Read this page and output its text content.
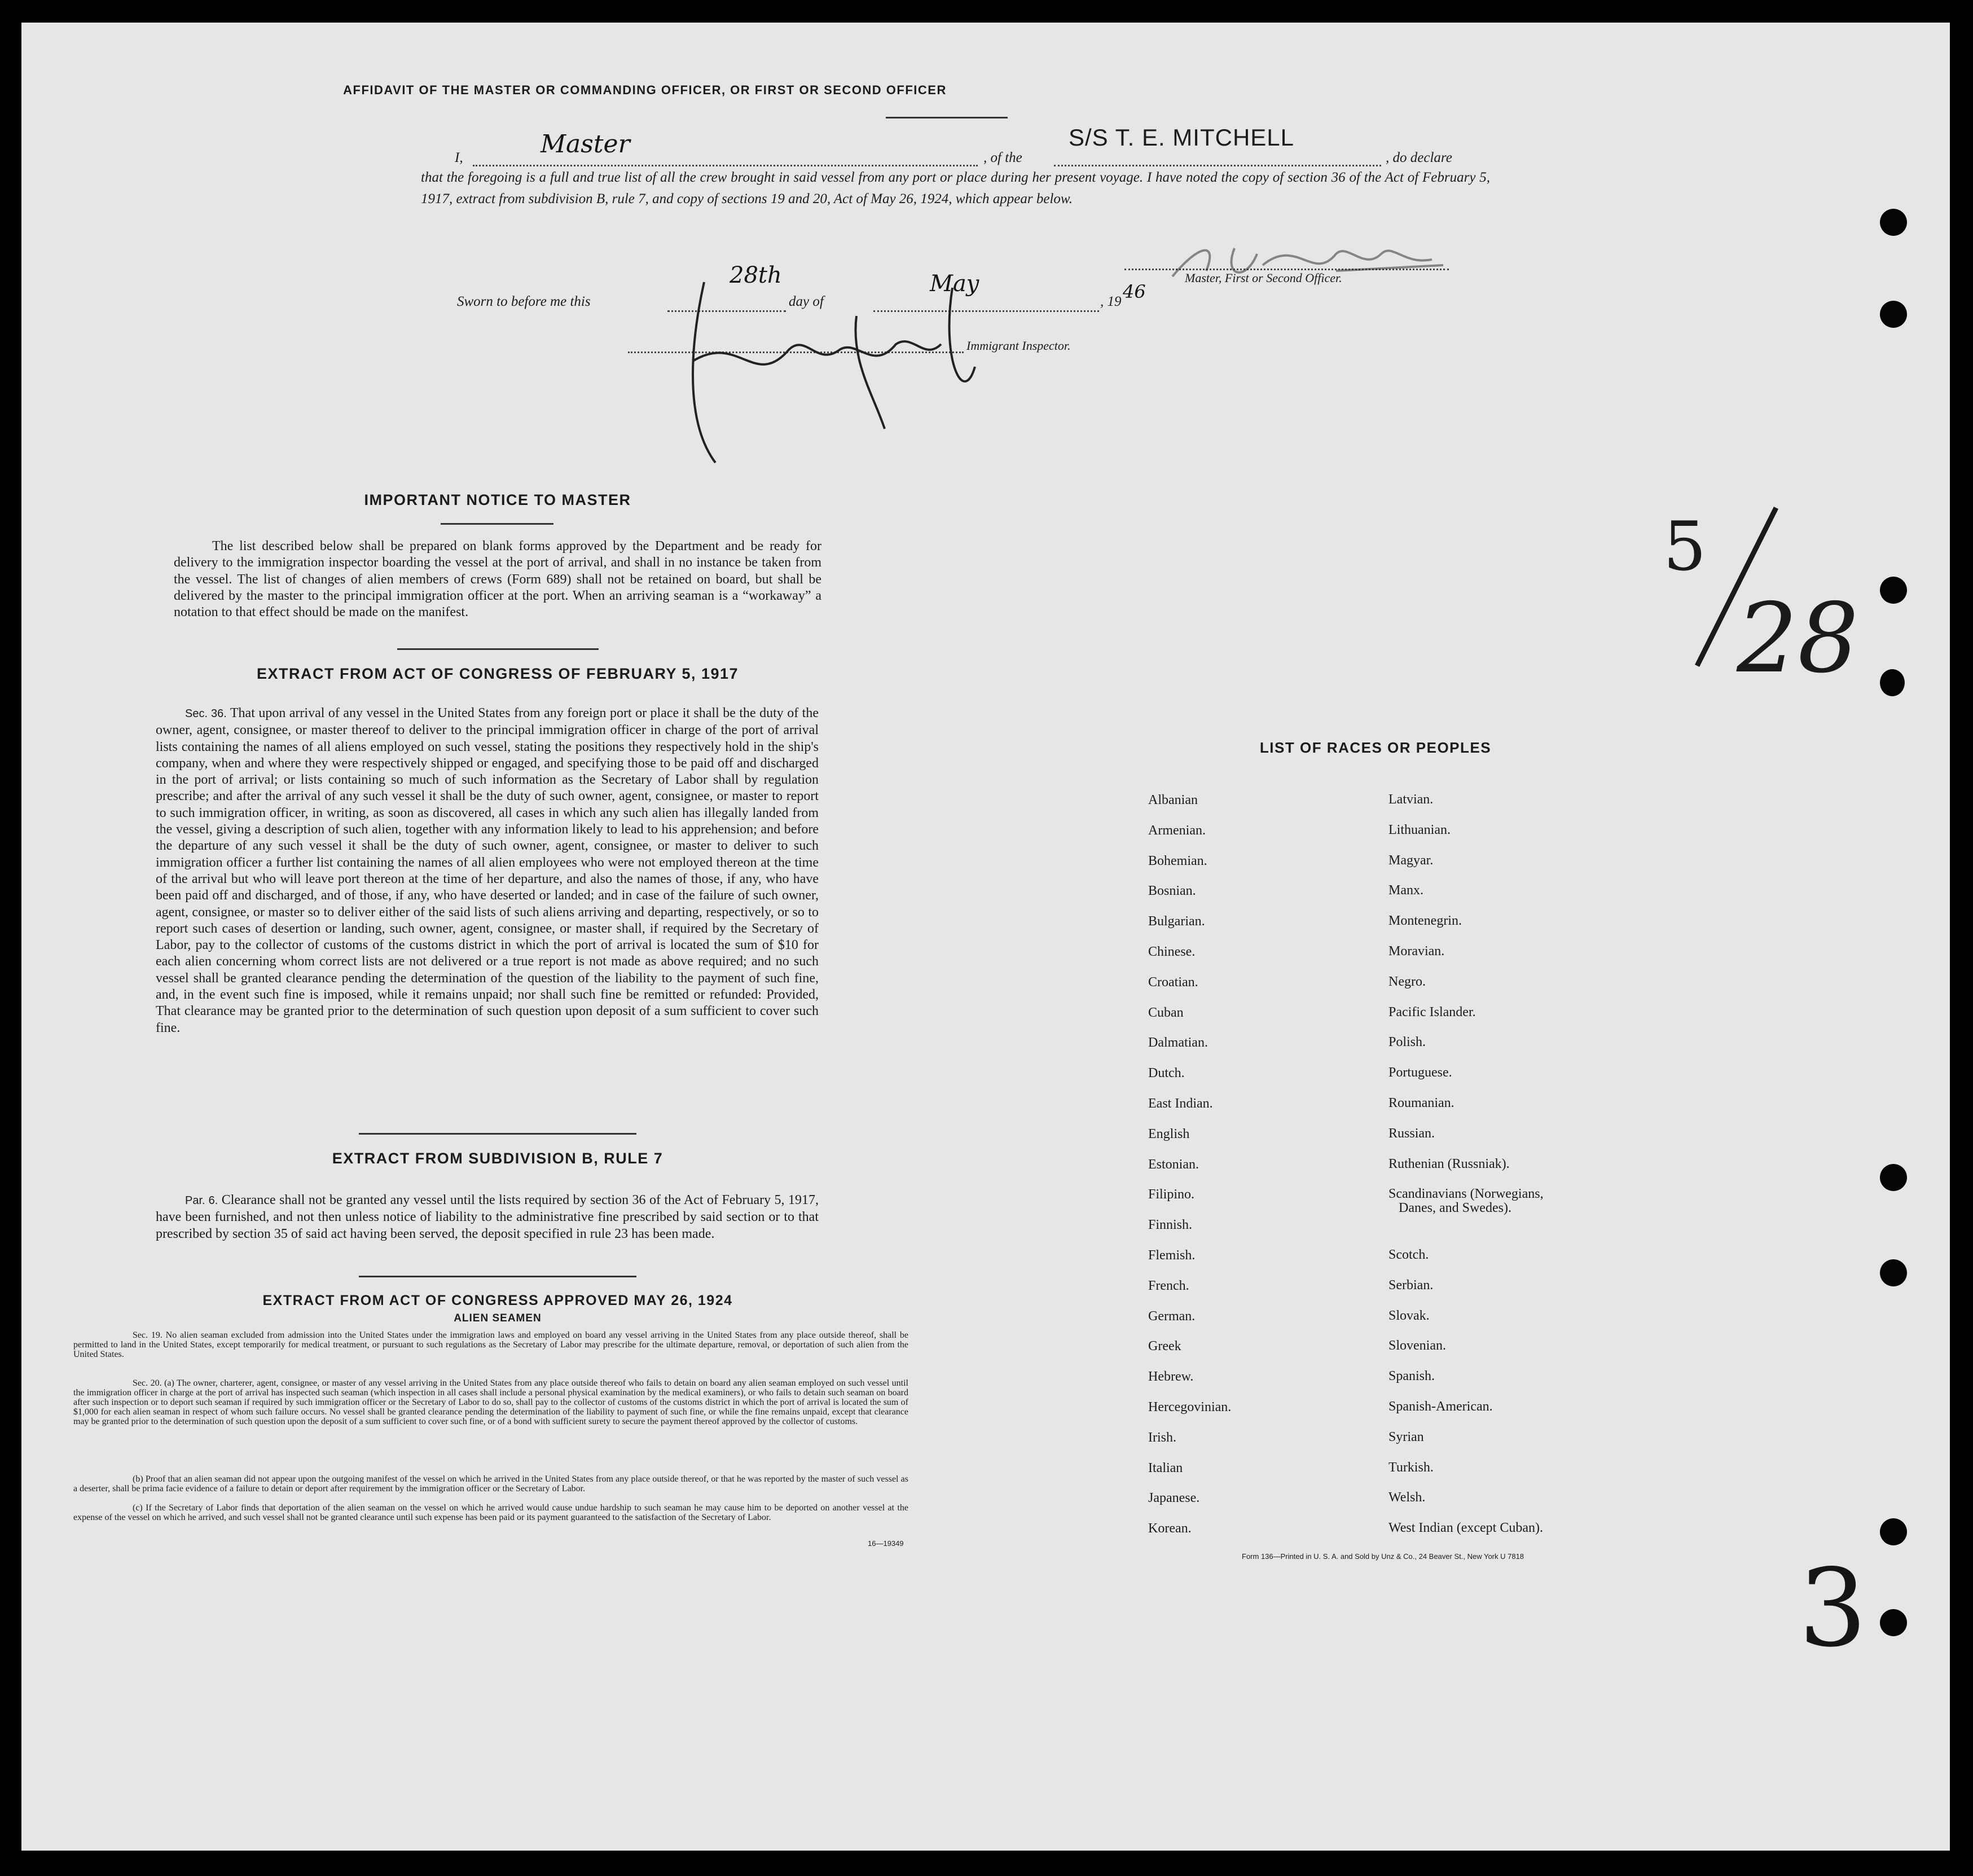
AFFIDAVIT OF THE MASTER OR COMMANDING OFFICER, OR FIRST OR SECOND OFFICER
I,	Master	, of the
S/S T. E. MITCHELL
, do declare
that the foregoing is a full and true list of all the crew brought in said vessel from any port or place during her present voyage. I have noted the copy of section 36 of the Act of February 5, 1917, extract from subdivision B, rule 7, and copy of sections 19 and 20, Act of May 26, 1924, which appear below.
Sworn to before me this
28th
day of
May
, 19 46
Master, First or Second Officer.
Immigrant Inspector.
IMPORTANT NOTICE TO MASTER
The list described below shall be prepared on blank forms approved by the Department and be ready for delivery to the immigration inspector boarding the vessel at the port of arrival, and shall in no instance be taken from the vessel. The list of changes of alien members of crews (Form 689) shall not be retained on board, but shall be delivered by the master to the principal immigration officer at the port. When an arriving seaman is a “workaway” a notation to that effect should be made on the manifest.
EXTRACT FROM ACT OF CONGRESS OF FEBRUARY 5, 1917
Sec. 36. That upon arrival of any vessel in the United States from any foreign port or place it shall be the duty of the owner, agent, consignee, or master thereof to deliver to the principal immigration officer in charge of the port of arrival lists containing the names of all aliens employed on such vessel, stating the positions they respectively hold in the ship's company, when and where they were respectively shipped or engaged, and specifying those to be paid off and discharged in the port of arrival; or lists containing so much of such information as the Secretary of Labor shall by regulation prescribe; and after the arrival of any such vessel it shall be the duty of such owner, agent, consignee, or master to report to such immigration officer, in writing, as soon as discovered, all cases in which any such alien has illegally landed from the vessel, giving a description of such alien, together with any information likely to lead to his apprehension; and before the departure of any such vessel it shall be the duty of such owner, agent, consignee, or master to deliver to such immigration officer a further list containing the names of all alien employees who were not employed thereon at the time of the arrival but who will leave port thereon at the time of her departure, and also the names of those, if any, who have been paid off and discharged, and of those, if any, who have deserted or landed; and in case of the failure of such owner, agent, consignee, or master so to deliver either of the said lists of such aliens arriving and departing, respectively, or so to report such cases of desertion or landing, such owner, agent, consignee, or master shall, if required by the Secretary of Labor, pay to the collector of customs of the customs district in which the port of arrival is located the sum of $10 for each alien concerning whom correct lists are not delivered or a true report is not made as above required; and no such vessel shall be granted clearance pending the determination of the question of the liability to the payment of such fine, and, in the event such fine is imposed, while it remains unpaid; nor shall such fine be remitted or refunded: Provided, That clearance may be granted prior to the determination of such question upon deposit of a sum sufficient to cover such fine.
EXTRACT FROM SUBDIVISION B, RULE 7
Par. 6. Clearance shall not be granted any vessel until the lists required by section 36 of the Act of February 5, 1917, have been furnished, and not then unless notice of liability to the administrative fine prescribed by said section or to that prescribed by section 35 of said act having been served, the deposit specified in rule 23 has been made.
EXTRACT FROM ACT OF CONGRESS APPROVED MAY 26, 1924
ALIEN SEAMEN
Sec. 19. No alien seaman excluded from admission into the United States under the immigration laws and employed on board any vessel arriving in the United States from any place outside thereof, shall be permitted to land in the United States, except temporarily for medical treatment, or pursuant to such regulations as the Secretary of Labor may prescribe for the ultimate departure, removal, or deportation of such alien from the United States.
Sec. 20. (a) The owner, charterer, agent, consignee, or master of any vessel arriving in the United States from any place outside thereof who fails to detain on board any alien seaman employed on such vessel until the immigration officer in charge at the port of arrival has inspected such seaman (which inspection in all cases shall include a personal physical examination by the medical examiners), or who fails to detain such seaman on board after such inspection or to deport such seaman if required by such immigration officer or the Secretary of Labor to do so, shall pay to the collector of customs of the customs district in which the port of arrival is located the sum of $1,000 for each alien seaman in respect of whom such failure occurs. No vessel shall be granted clearance pending the determination of the liability to payment of such fine, or while the fine remains unpaid, except that clearance may be granted prior to the determination of such question upon the deposit of a sum sufficient to cover such fine, or of a bond with sufficient surety to secure the payment thereof approved by the collector of customs.
(b) Proof that an alien seaman did not appear upon the outgoing manifest of the vessel on which he arrived in the United States from any place outside thereof, or that he was reported by the master of such vessel as a deserter, shall be prima facie evidence of a failure to detain or deport after requirement by the immigration officer or the Secretary of Labor.
(c) If the Secretary of Labor finds that deportation of the alien seaman on the vessel on which he arrived would cause undue hardship to such seaman he may cause him to be deported on another vessel at the expense of the vessel on which he arrived, and such vessel shall not be granted clearance until such expense has been paid or its payment guaranteed to the satisfaction of the Secretary of Labor.
16—19349
LIST OF RACES OR PEOPLES
Form 136—Printed in U. S. A. and Sold by Unz & Co., 24 Beaver St., New York U 7818
5
28
3
Albanian
Armenian.
Bohemian.
Bosnian.
Bulgarian.
Chinese.
Croatian.
Cuban
Dalmatian.
Dutch.
East Indian.
English
Estonian.
Filipino.
Finnish.
Flemish.
French.
German.
Greek
Hebrew.
Hercegovinian.
Irish.
Italian
Japanese.
Korean.
Latvian.
Lithuanian.
Magyar.
Manx.
Montenegrin.
Moravian.
Negro.
Pacific Islander.
Polish.
Portuguese.
Roumanian.
Russian.
Ruthenian (Russniak).
Scandinavians (Norwegians,
Danes, and Swedes).
Scotch.
Serbian.
Slovak.
Slovenian.
Spanish.
Spanish-American.
Syrian
Turkish.
Welsh.
West Indian (except Cuban).
